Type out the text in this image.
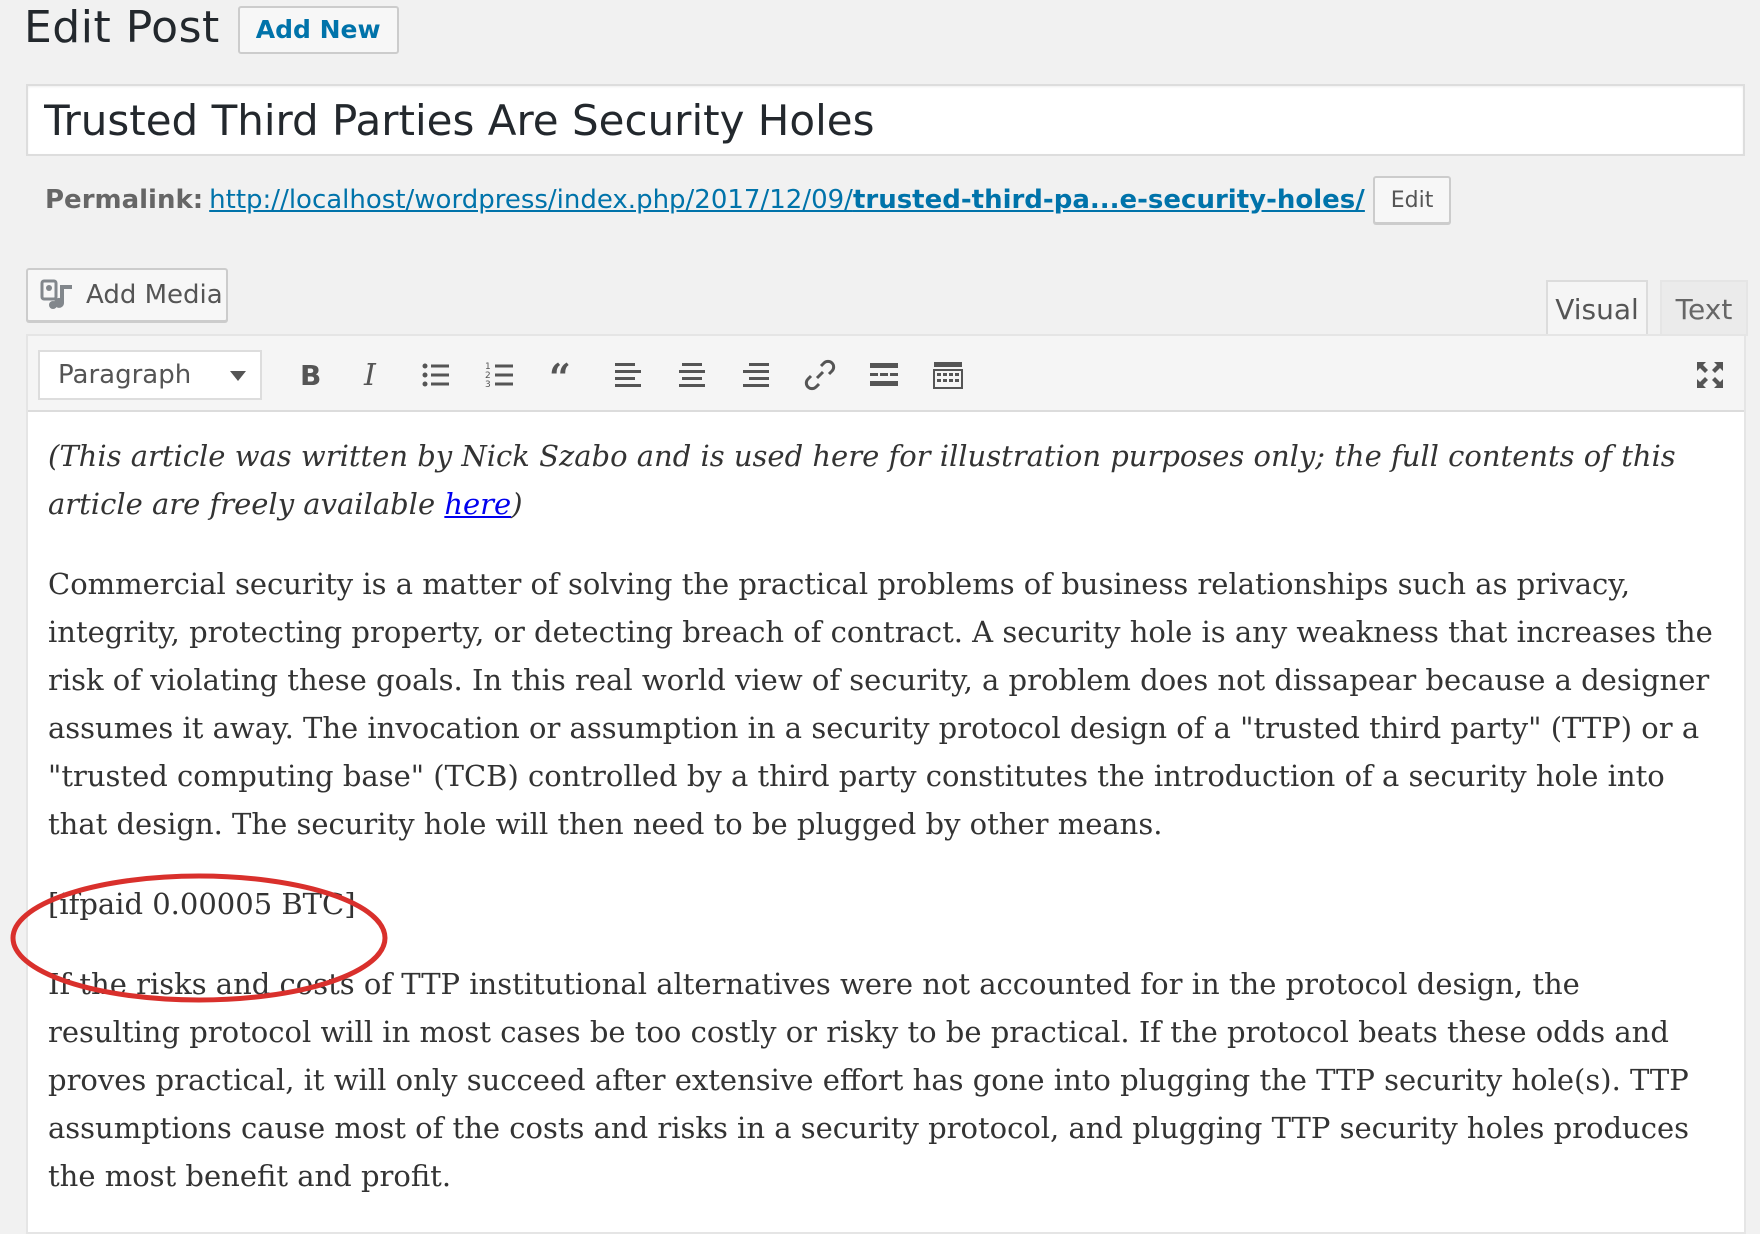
Edit Post	Add New
Trusted Third Parties Are Security Holes
Permalink: http://localhost/wordpress/index.php/2017/12/09/trusted-third-pa...e-security-holes/	Edit
Add Media	Visual	Text
Paragraph	B I	1
2
3 “

(This article was written by Nick Szabo and is used here for illustration purposes only; the full contents of this article are freely available here)

Commercial security is a matter of solving the practical problems of business relationships such as privacy, integrity, protecting property, or detecting breach of contract. A security hole is any weakness that increases the risk of violating these goals. In this real world view of security, a problem does not dissapear because a designer assumes it away. The invocation or assumption in a security protocol design of a "trusted third party" (TTP) or a "trusted computing base" (TCB) controlled by a third party constitutes the introduction of a security hole into that design. The security hole will then need to be plugged by other means.

[ifpaid 0.00005 BTC]

If the risks and costs of TTP institutional alternatives were not accounted for in the protocol design, the resulting protocol will in most cases be too costly or risky to be practical. If the protocol beats these odds and proves practical, it will only succeed after extensive effort has gone into plugging the TTP security hole(s). TTP assumptions cause most of the costs and risks in a security protocol, and plugging TTP security holes produces the most benefit and profit.
